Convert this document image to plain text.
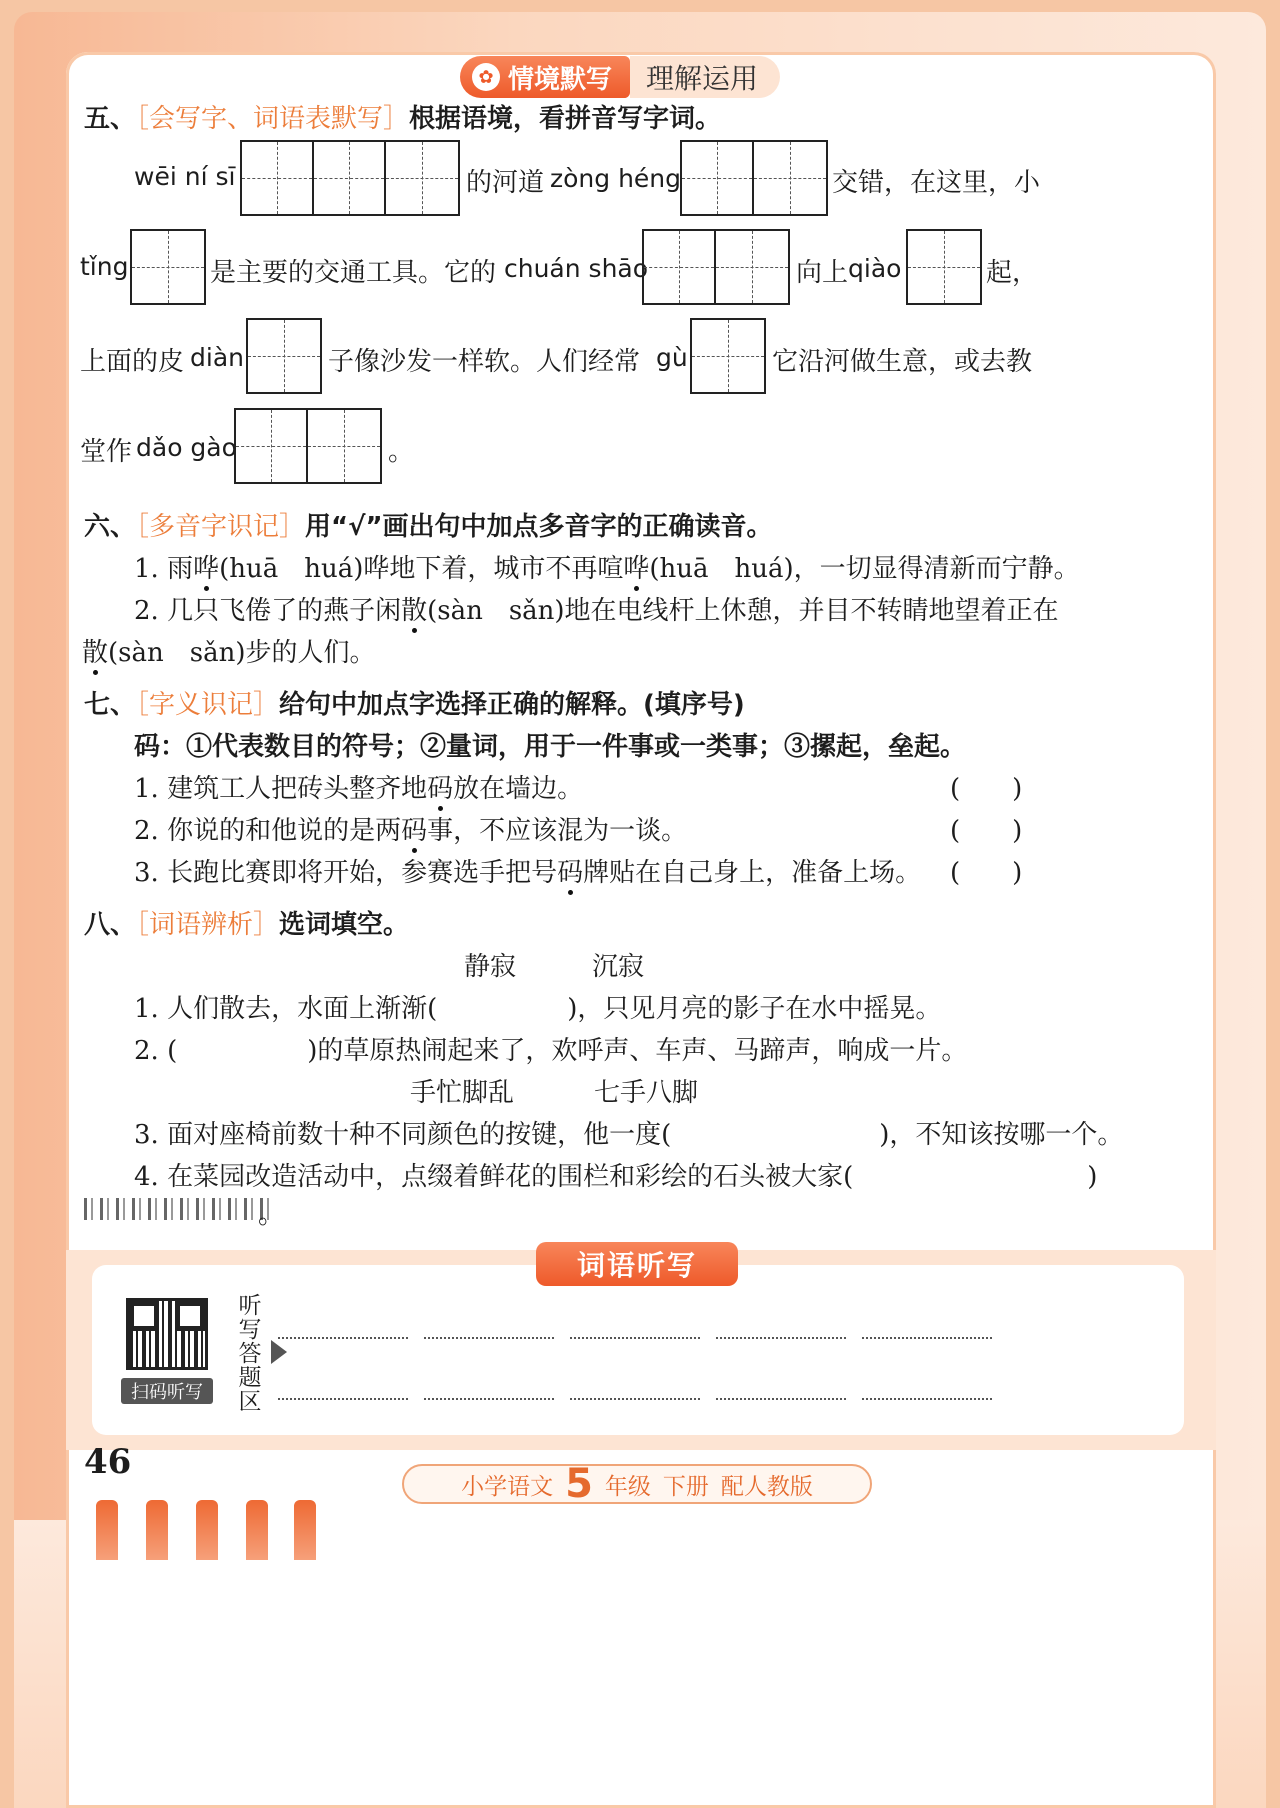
✿ 情境默写	理解运用
五、［会写字、词语表默写］根据语境，看拼音写字词。
wēi ní sī	的河道 zòng héng	交错，在这里，小
tǐng	是主要的交通工具。它的 chuán shāo	向上 qiào	起，
上面的皮 diàn	子像沙发一样软。人们经常 gù	它沿河做生意，或去教
堂作 dǎo gào	。
六、［多音字识记］用“√”画出句中加点多音字的正确读音。
1. 雨哗(huā　huá)哗地下着，城市不再喧哗(huā　huá)，一切显得清新而宁静。
2. 几只飞倦了的燕子闲散(sàn　sǎn)地在电线杆上休憩，并目不转睛地望着正在
散(sàn　sǎn)步的人们。
七、［字义识记］给句中加点字选择正确的解释。(填序号)
码：①代表数目的符号；②量词，用于一件事或一类事；③摞起，垒起。
1. 建筑工人把砖头整齐地码放在墙边。	(　　)
2. 你说的和他说的是两码事，不应该混为一谈。	(　　)
3. 长跑比赛即将开始，参赛选手把号码牌贴在自己身上，准备上场。 (　　)
八、［词语辨析］选词填空。
静寂	沉寂
1. 人们散去，水面上渐渐(　　　　　)，只见月亮的影子在水中摇晃。
2. (　　　　　)的草原热闹起来了，欢呼声、车声、马蹄声，响成一片。
手忙脚乱	七手八脚
3. 面对座椅前数十种不同颜色的按键，他一度(　　　　　　　　)，不知该按哪一个。
4. 在菜园改造活动中，点缀着鲜花的围栏和彩绘的石头被大家(　　　　　　　　　)
。
词语听写
扫码听写
听写答题区
46
小学语文 5 年级 下册 配人教版
